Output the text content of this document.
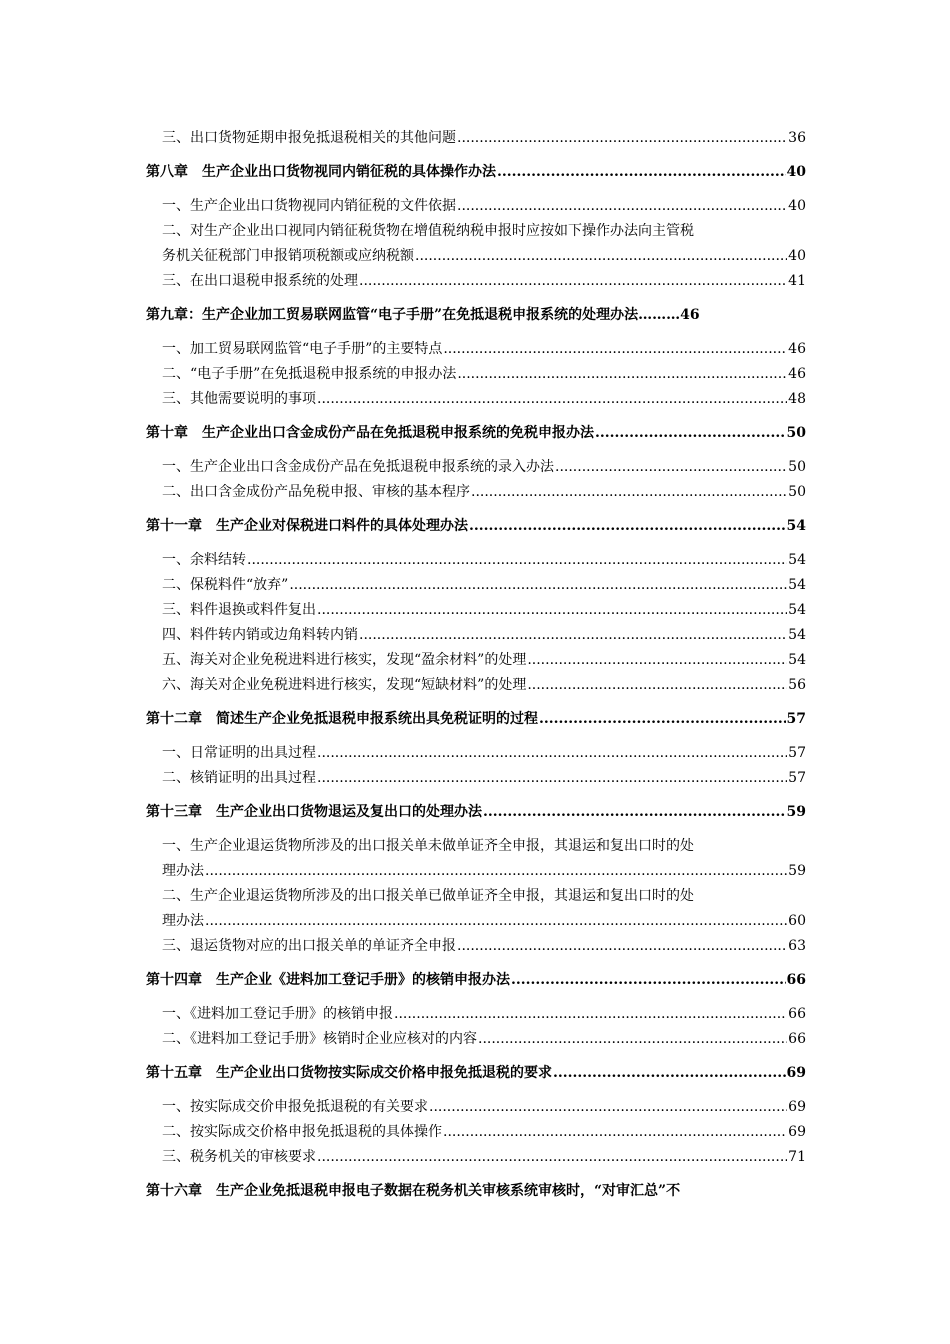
三、出口货物延期申报免抵退税相关的其他问题 .....	36
第八章　生产企业出口货物视同内销征税的具体操作办法 .....	40
一、生产企业出口货物视同内销征税的文件依据 .....	40
二、对生产企业出口视同内销征税货物在增值税纳税申报时应按如下操作办法向主管税
务机关征税部门申报销项税额或应纳税额 .....	40
三、在出口退税申报系统的处理 .....	41
第九章：生产企业加工贸易联网监管“电子手册”在免抵退税申报系统的处理办法……… 46
一、加工贸易联网监管“电子手册”的主要特点 .....	46
二、“电子手册”在免抵退税申报系统的申报办法 .....	46
三、其他需要说明的事项 .....	48
第十章　生产企业出口含金成份产品在免抵退税申报系统的免税申报办法 .....	50
一、生产企业出口含金成份产品在免抵退税申报系统的录入办法 .....	50
二、出口含金成份产品免税申报、审核的基本程序 .....	50
第十一章　生产企业对保税进口料件的具体处理办法 .....	54
一、余料结转 .....	54
二、保税料件“放弃” .....	54
三、料件退换或料件复出 .....	54
四、料件转内销或边角料转内销 .....	54
五、海关对企业免税进料进行核实，发现“盈余材料”的处理 .....	54
六、海关对企业免税进料进行核实，发现“短缺材料”的处理 .....	56
第十二章　简述生产企业免抵退税申报系统出具免税证明的过程 .....	57
一、日常证明的出具过程 .....	57
二、核销证明的出具过程 .....	57
第十三章　生产企业出口货物退运及复出口的处理办法 .....	59
一、生产企业退运货物所涉及的出口报关单未做单证齐全申报，其退运和复出口时的处
理办法 .....	59
二、生产企业退运货物所涉及的出口报关单已做单证齐全申报，其退运和复出口时的处
理办法 .....	60
三、退运货物对应的出口报关单的单证齐全申报 .....	63
第十四章　生产企业《进料加工登记手册》的核销申报办法 .....	66
一、《进料加工登记手册》的核销申报 .....	66
二、《进料加工登记手册》核销时企业应核对的内容 .....	66
第十五章　生产企业出口货物按实际成交价格申报免抵退税的要求 .....	69
一、按实际成交价申报免抵退税的有关要求 .....	69
二、按实际成交价格申报免抵退税的具体操作 .....	69
三、税务机关的审核要求 .....	71
第十六章　生产企业免抵退税申报电子数据在税务机关审核系统审核时，“对审汇总”不
